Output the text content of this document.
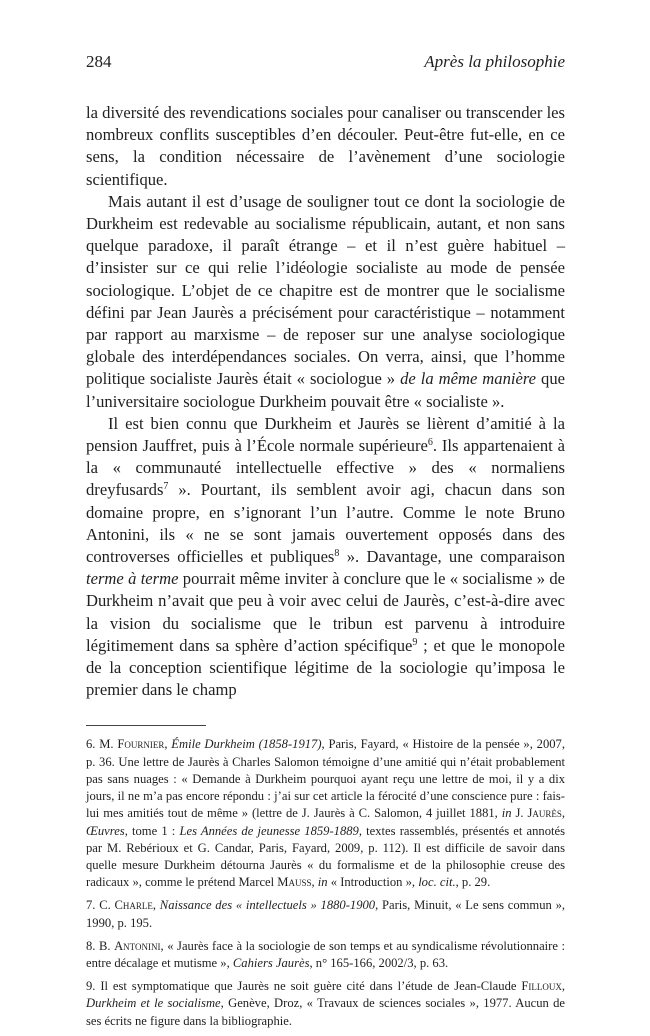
284	Après la philosophie

la diversité des revendications sociales pour canaliser ou transcender les nombreux conflits susceptibles d’en découler. Peut-être fut-elle, en ce sens, la condition nécessaire de l’avènement d’une sociologie scientifique.

Mais autant il est d’usage de souligner tout ce dont la sociologie de Durkheim est redevable au socialisme républicain, autant, et non sans quelque paradoxe, il paraît étrange – et il n’est guère habituel – d’insister sur ce qui relie l’idéologie socialiste au mode de pensée sociologique. L’objet de ce chapitre est de montrer que le socialisme défini par Jean Jaurès a précisément pour caractéristique – notamment par rapport au marxisme – de reposer sur une analyse sociologique globale des interdépendances sociales. On verra, ainsi, que l’homme politique socialiste Jaurès était « sociologue » de la même manière que l’universitaire sociologue Durkheim pouvait être « socialiste ».

Il est bien connu que Durkheim et Jaurès se lièrent d’amitié à la pension Jauffret, puis à l’École normale supérieure$^6$. Ils appartenaient à la « communauté intellectuelle effective » des « normaliens dreyfusards$^7$ ». Pourtant, ils semblent avoir agi, chacun dans son domaine propre, en s’ignorant l’un l’autre. Comme le note Bruno Antonini, ils « ne se sont jamais ouvertement opposés dans des controverses officielles et publiques$^8$ ». Davantage, une comparaison terme à terme pourrait même inviter à conclure que le « socialisme » de Durkheim n’avait que peu à voir avec celui de Jaurès, c’est-à-dire avec la vision du socialisme que le tribun est parvenu à introduire légitimement dans sa sphère d’action spécifique$^9$ ; et que le monopole de la conception scientifique légitime de la sociologie qu’imposa le premier dans le champ

6. M. Fournier, Émile Durkheim (1858-1917), Paris, Fayard, « Histoire de la pensée », 2007, p. 36. Une lettre de Jaurès à Charles Salomon témoigne d’une amitié qui n’était probablement pas sans nuages : « Demande à Durkheim pourquoi ayant reçu une lettre de moi, il y a dix jours, il ne m’a pas encore répondu : j’ai sur cet article la férocité d’une conscience pure : fais-lui mes amitiés tout de même » (lettre de J. Jaurès à C. Salomon, 4 juillet 1881, in J. Jaurès, Œuvres, tome 1 : Les Années de jeunesse 1859-1889, textes rassemblés, présentés et annotés par M. Rebérioux et G. Candar, Paris, Fayard, 2009, p. 112). Il est difficile de savoir dans quelle mesure Durkheim détourna Jaurès « du formalisme et de la philosophie creuse des radicaux », comme le prétend Marcel Mauss, in « Introduction », loc. cit., p. 29.

7. C. Charle, Naissance des « intellectuels » 1880-1900, Paris, Minuit, « Le sens commun », 1990, p. 195.

8. B. Antonini, « Jaurès face à la sociologie de son temps et au syndicalisme révolutionnaire : entre décalage et mutisme », Cahiers Jaurès, n° 165-166, 2002/3, p. 63.

9. Il est symptomatique que Jaurès ne soit guère cité dans l’étude de Jean-Claude Filloux, Durkheim et le socialisme, Genève, Droz, « Travaux de sciences sociales », 1977. Aucun de ses écrits ne figure dans la bibliographie.
